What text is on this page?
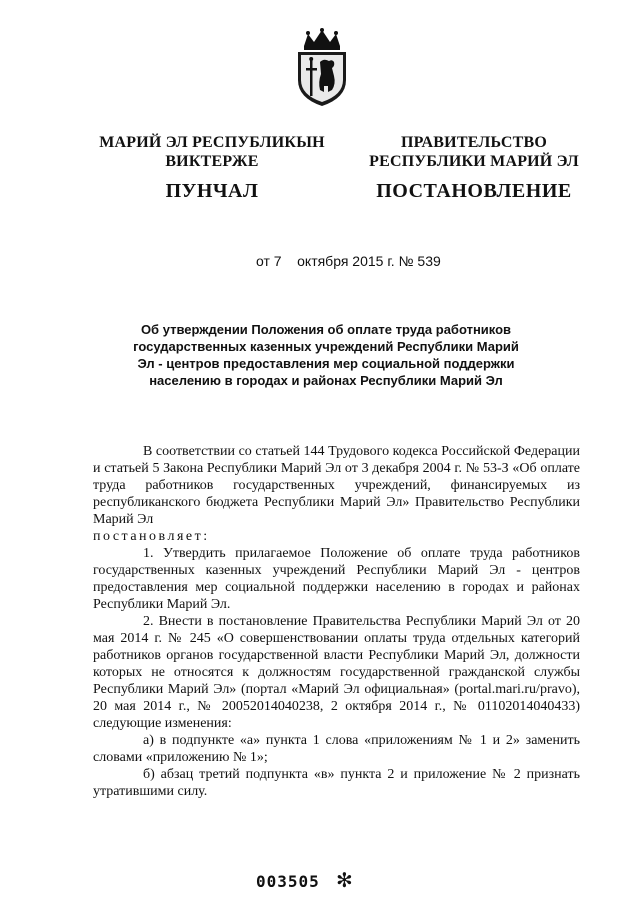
МАРИЙ ЭЛ РЕСПУБЛИКЫН
ВИКТЕРЖЕ
ПУНЧАЛ
ПРАВИТЕЛЬСТВО
РЕСПУБЛИКИ МАРИЙ ЭЛ
ПОСТАНОВЛЕНИЕ
от 7    октября 2015 г. № 539
Об утверждении Положения об оплате труда работников государственных казенных учреждений Республики Марий Эл - центров предоставления мер социальной поддержки населению в городах и районах Республики Марий Эл

В соответствии со статьей 144 Трудового кодекса Российской Федерации и статьей 5 Закона Республики Марий Эл от 3 декабря 2004 г. № 53-З «Об оплате труда работников государственных учреждений, финансируемых из республиканского бюджета Республики Марий Эл» Правительство Республики Марий Эл

постановляет:

1. Утвердить прилагаемое Положение об оплате труда работников государственных казенных учреждений Республики Марий Эл - центров предоставления мер социальной поддержки населению в городах и районах Республики Марий Эл.

2. Внести в постановление Правительства Республики Марий Эл от 20 мая 2014 г. № 245 «О совершенствовании оплаты труда отдельных категорий работников органов государственной власти Республики Марий Эл, должности которых не относятся к должностям государственной гражданской службы Республики Марий Эл» (портал «Марий Эл официальная» (portal.mari.ru/pravo), 20 мая 2014 г., № 20052014040238, 2 октября 2014 г., № 01102014040433) следующие изменения:

а) в подпункте «а» пункта 1 слова «приложениям № 1 и 2» заменить словами «приложению № 1»;

б) абзац третий подпункта «в» пункта 2 и приложение № 2 признать утратившими силу.

003505 ✻
